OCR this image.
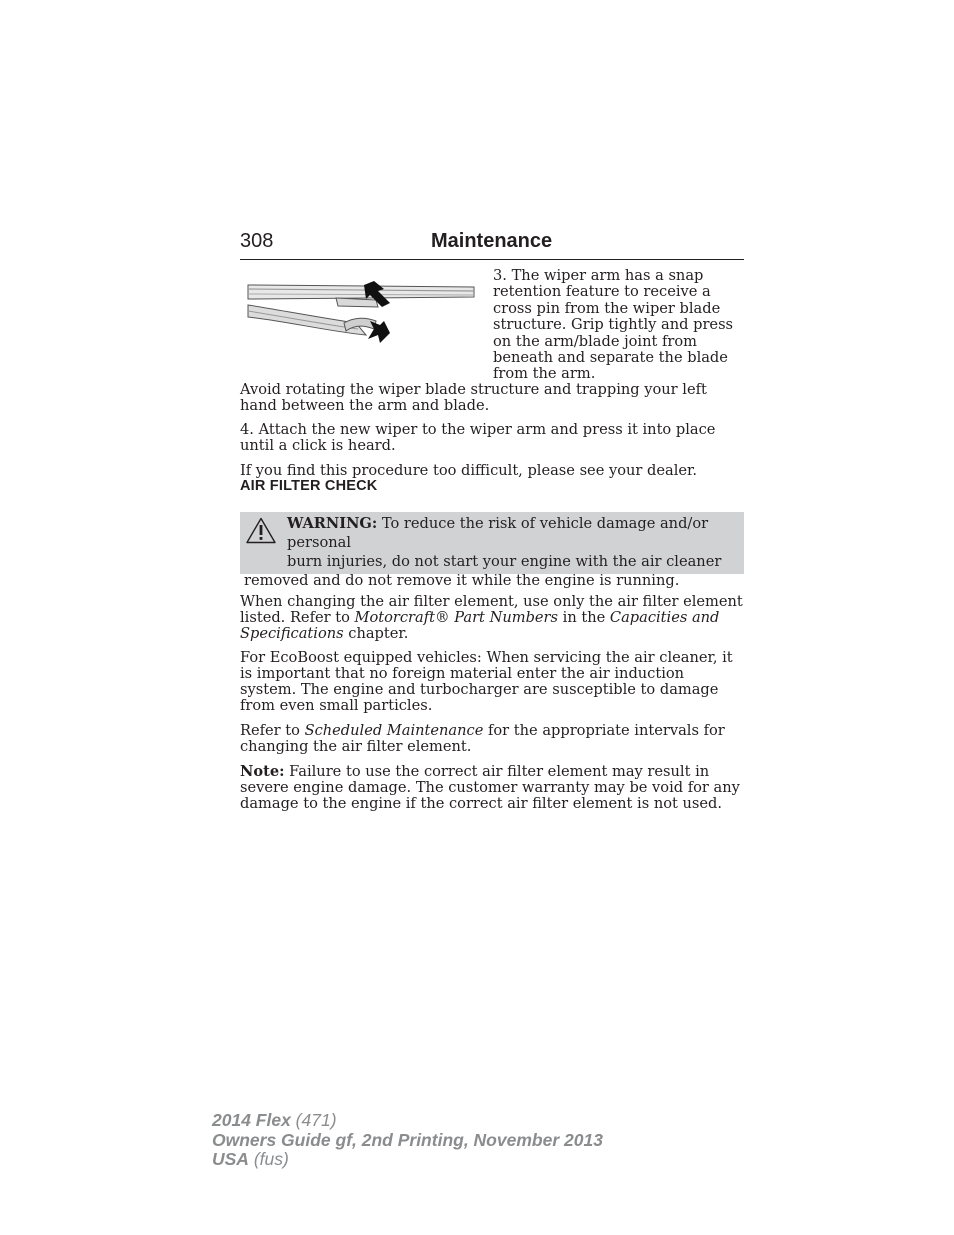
308	Maintenance
3. The wiper arm has a snap retention feature to receive a cross pin from the wiper blade structure. Grip tightly and press on the arm/blade joint from beneath and separate the blade from the arm.

Avoid rotating the wiper blade structure and trapping your left hand between the arm and blade.

4. Attach the new wiper to the wiper arm and press it into place until a click is heard.

If you find this procedure too difficult, please see your dealer.

AIR FILTER CHECK
WARNING: To reduce the risk of vehicle damage and/or personal
burn injuries, do not start your engine with the air cleaner
removed and do not remove it while the engine is running.

When changing the air filter element, use only the air filter element listed. Refer to Motorcraft® Part Numbers in the Capacities and Specifications chapter.

For EcoBoost equipped vehicles: When servicing the air cleaner, it is important that no foreign material enter the air induction system. The engine and turbocharger are susceptible to damage from even small particles.

Refer to Scheduled Maintenance for the appropriate intervals for changing the air filter element.

Note: Failure to use the correct air filter element may result in severe engine damage. The customer warranty may be void for any damage to the engine if the correct air filter element is not used.

2014 Flex (471)
Owners Guide gf, 2nd Printing, November 2013
USA (fus)
